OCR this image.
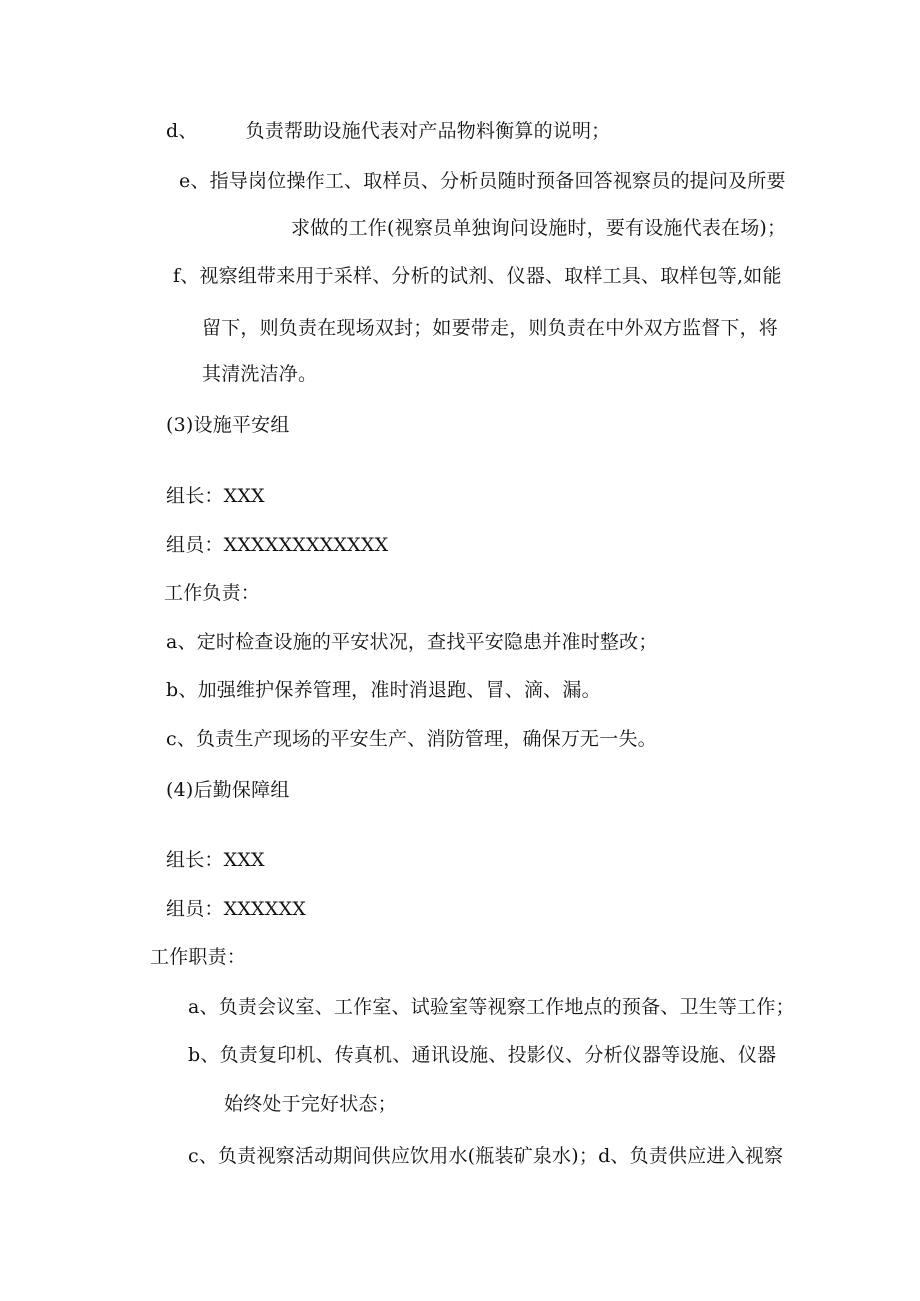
d、	负责帮助设施代表对产品物料衡算的说明；
e、指导岗位操作工、取样员、分析员随时预备回答视察员的提问及所要
求做的工作(视察员单独询问设施时，要有设施代表在场)；
f、视察组带来用于采样、分析的试剂、仪器、取样工具、取样包等,如能
留下，则负责在现场双封；如要带走，则负责在中外双方监督下，将
其清洗洁净。
(3)设施平安组
组长：XXX
组员：XXXXXXXXXXXX
工作负责：
a、定时检查设施的平安状况，查找平安隐患并准时整改；
b、加强维护保养管理，准时消退跑、冒、滴、漏。
c、负责生产现场的平安生产、消防管理，确保万无一失。
(4)后勤保障组
组长：XXX
组员：XXXXXX
工作职责：
a、负责会议室、工作室、试验室等视察工作地点的预备、卫生等工作；
b、负责复印机、传真机、通讯设施、投影仪、分析仪器等设施、仪器
始终处于完好状态；
c、负责视察活动期间供应饮用水(瓶装矿泉水)；d、负责供应进入视察
